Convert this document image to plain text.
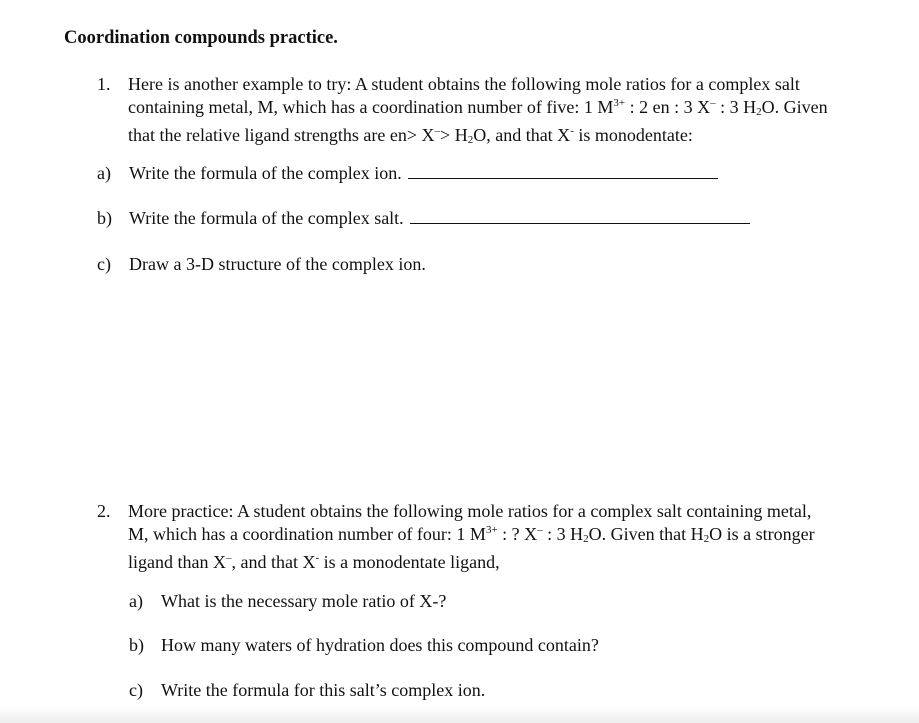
Coordination compounds practice.
1. Here is another example to try: A student obtains the following mole ratios for a complex salt
containing metal, M, which has a coordination number of five: 1 $M^{3+}$ : 2 en : 3 X– : 3 H2O. Given
that the relative ligand strengths are en> X–> H2O, and that X- is monodentate:
a) Write the formula of the complex ion.
b) Write the formula of the complex salt.
c) Draw a 3-D structure of the complex ion.
2. More practice: A student obtains the following mole ratios for a complex salt containing metal,
M, which has a coordination number of four: 1 $M^{3+}$ : ? X– : 3 H2O. Given that H2O is a stronger
ligand than X–, and that X- is a monodentate ligand,
a) What is the necessary mole ratio of X-?
b) How many waters of hydration does this compound contain?
c) Write the formula for this salt’s complex ion.
